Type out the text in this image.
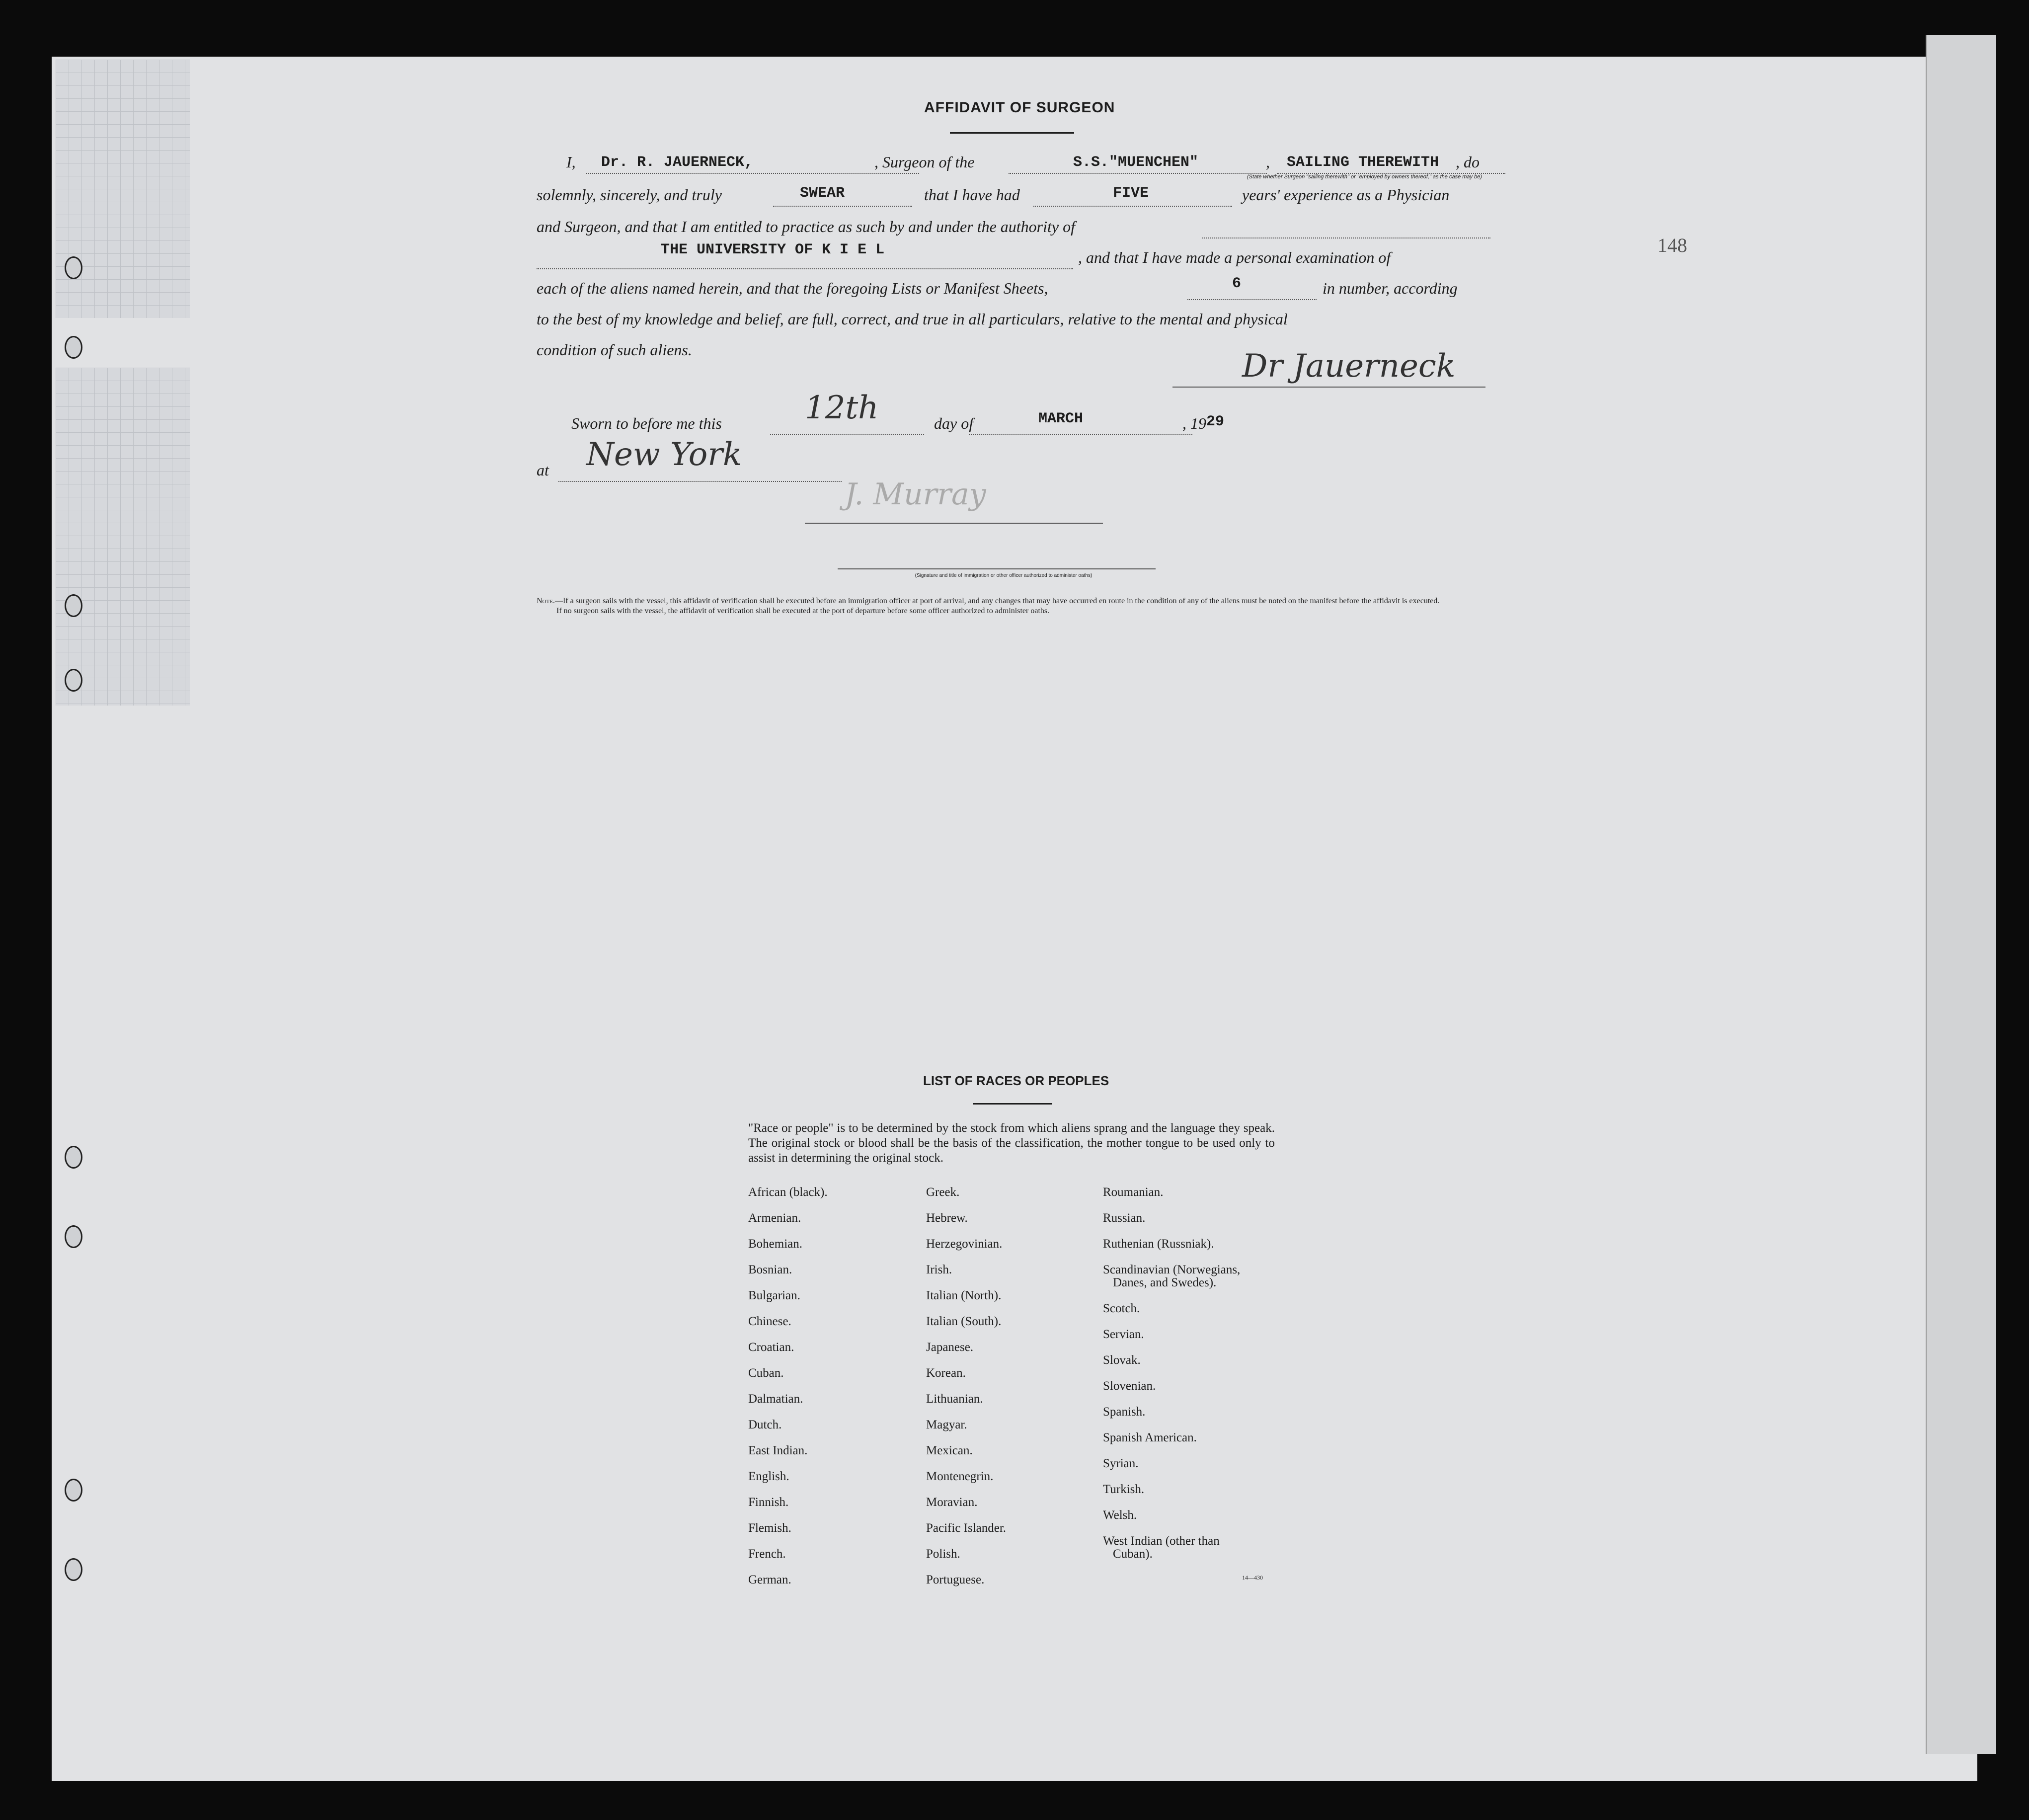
AFFIDAVIT OF SURGEON
148
I, Dr. R. JAUERNECK,	, Surgeon of the	S.S."MUENCHEN"	, SAILING THEREWITH , do
(State whether Surgeon "sailing therewith" or "employed by owners thereof," as the case may be)
solemnly, sincerely, and truly	SWEAR	that I have had	FIVE	years' experience as a Physician
and Surgeon, and that I am entitled to practice as such by and under the authority of
THE UNIVERSITY OF K I E L	, and that I have made a personal examination of
each of the aliens named herein, and that the foregoing Lists or Manifest Sheets,	6	in number, according
to the best of my knowledge and belief, are full, correct, and true in all particulars, relative to the mental and physical
condition of such aliens.	Dr Jauerneck
Sworn to before me this	12th	day of	MARCH	, 19 29
at New York
J. Murray
(Signature and title of immigration or other officer authorized to administer oaths)
Note.—If a surgeon sails with the vessel, this affidavit of verification shall be executed before an immigration officer at port of arrival, and any changes that may have occurred en route in the condition of any of the aliens must be noted on the manifest before the affidavit is executed.
If no surgeon sails with the vessel, the affidavit of verification shall be executed at the port of departure before some officer authorized to administer oaths.
LIST OF RACES OR PEOPLES
"Race or people" is to be determined by the stock from which aliens sprang and the language they speak. The original stock or blood shall be the basis of the classification, the mother tongue to be used only to assist in determining the original stock.
African (black).
Armenian.
Bohemian.
Bosnian.
Bulgarian.
Chinese.
Croatian.
Cuban.
Dalmatian.
Dutch.
East Indian.
English.
Finnish.
Flemish.
French.
German.
Greek.
Hebrew.
Herzegovinian.
Irish.
Italian (North).
Italian (South).
Japanese.
Korean.
Lithuanian.
Magyar.
Mexican.
Montenegrin.
Moravian.
Pacific Islander.
Polish.
Portuguese.
Roumanian.
Russian.
Ruthenian (Russniak).
Scandinavian (Norwegians,
Danes, and Swedes).
Scotch.
Servian.
Slovak.
Slovenian.
Spanish.
Spanish American.
Syrian.
Turkish.
Welsh.
West Indian (other than
Cuban).
14—430
